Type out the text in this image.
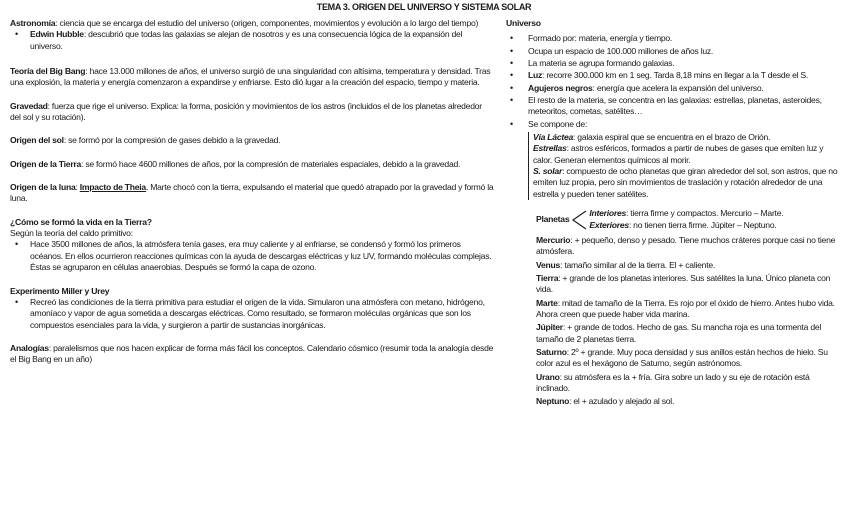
TEMA 3. ORIGEN DEL UNIVERSO Y SISTEMA SOLAR

Astronomía: ciencia que se encarga del estudio del universo (origen, componentes, movimientos y evolución a lo largo del tiempo)

• Edwin Hubble: descubrió que todas las galaxias se alejan de nosotros y es una consecuencia lógica de la expansión del universo.

Teoría del Big Bang: hace 13.000 millones de años, el universo surgió de una singularidad con altísima, temperatura y densidad. Tras una explosión, la materia y energía comenzaron a expandirse y enfriarse. Esto dió lugar a la creación del espacio, tiempo y materia.

Gravedad: fuerza que rige el universo. Explica: la forma, posición y movimientos de los astros (incluidos el de los planetas alrededor del sol y su rotación).

Origen del sol: se formó por la compresión de gases debido a la gravedad.

Origen de la Tierra: se formó hace 4600 millones de años, por la compresión de materiales espaciales, debido a la gravedad.

Origen de la luna: Impacto de Theia. Marte chocó con la tierra, expulsando el material que quedó atrapado por la gravedad y formó la luna.

¿Cómo se formó la vida en la Tierra?

Según la teoría del caldo primitivo:

• Hace 3500 millones de años, la atmósfera tenía gases, era muy caliente y al enfriarse, se condensó y formó los primeros océanos. En ellos ocurrieron reacciones químicas con la ayuda de descargas eléctricas y luz UV, formando moléculas complejas. Éstas se agruparon en células anaerobias. Después se formó la capa de ozono.

Experimento Miller y Urey

• Recreó las condiciones de la tierra primitiva para estudiar el origen de la vida. Simularon una atmósfera con metano, hidrógeno, amoníaco y vapor de agua sometida a descargas eléctricas. Como resultado, se formaron moléculas orgánicas que son los compuestos esenciales para la vida, y surgieron a partir de sustancias inorgánicas.

Analogías: paralelismos que nos hacen explicar de forma más fácil los conceptos. Calendario cósmico (resumir toda la analogía desde el Big Bang en un año)

Universo

• Formado por: materia, energía y tiempo.

• Ocupa un espacio de 100.000 millones de años luz.

• La materia se agrupa formando galaxias.

• Luz: recorre 300.000 km en 1 seg. Tarda 8,18 mins en llegar a la T desde el S.

• Agujeros negros: energía que acelera la expansión del universo.

• El resto de la materia, se concentra en las galaxias: estrellas, planetas, asteroides, meteoritos, cometas, satélites…

• Se compone de:

Vía Láctea: galaxia espiral que se encuentra en el brazo de Orión.

Estrellas: astros esféricos, formados a partir de nubes de gases que emiten luz y calor. Generan elementos químicos al morir.

S. solar: compuesto de ocho planetas que giran alrededor del sol, son astros, que no emiten luz propia, pero sin movimientos de traslación y rotación alrededor de una estrella y pueden tener satélites.

Planetas

Interiores: tierra firme y compactos. Mercurio – Marte.

Exteriores: no tienen tierra firme. Júpiter – Neptuno.

Mercurio: + pequeño, denso y pesado. Tiene muchos cráteres porque casi no tiene atmósfera.

Venus: tamaño similar al de la tierra. El + caliente.

Tierra: + grande de los planetas interiores. Sus satélites la luna. Único planeta con vida.

Marte: mitad de tamaño de la Tierra. Es rojo por el óxido de hierro. Antes hubo vida. Ahora creen que puede haber vida marina.

Júpiter: + grande de todos. Hecho de gas. Su mancha roja es una tormenta del tamaño de 2 planetas tierra.

Saturno: 2º + grande. Muy poca densidad y sus anillos están hechos de hielo. Su color azul es el hexágono de Saturno, según astrónomos.

Urano: su atmósfera es la + fría. Gira sobre un lado y su eje de rotación está inclinado.

Neptuno: el + azulado y alejado al sol.
